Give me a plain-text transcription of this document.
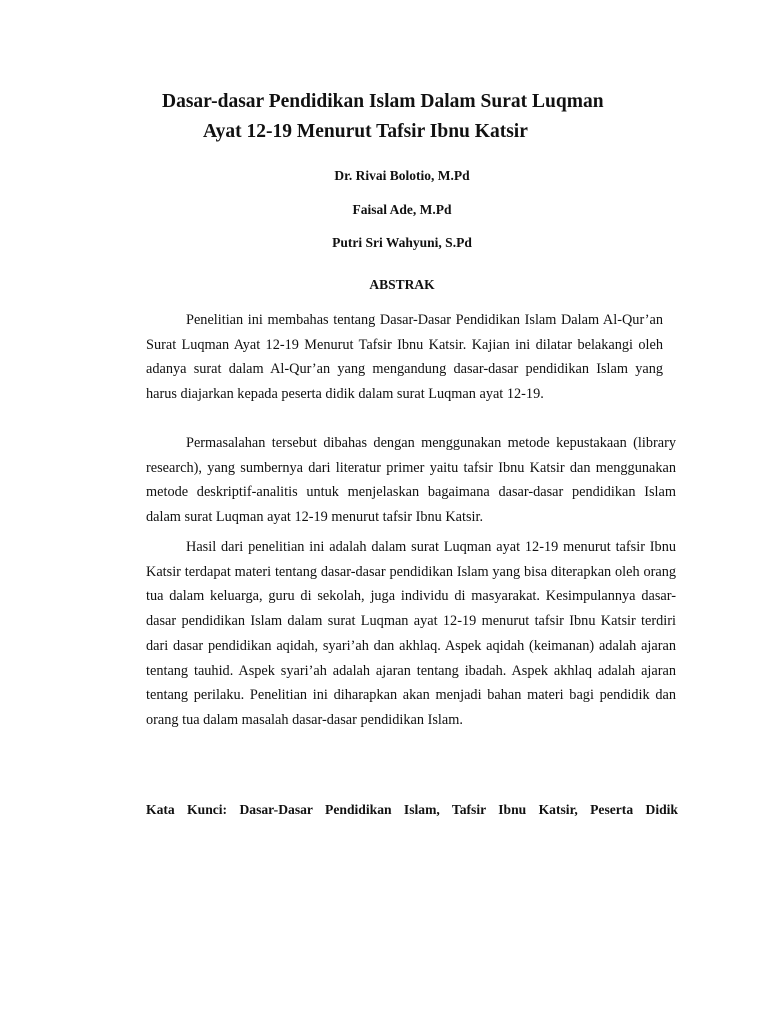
Dasar-dasar Pendidikan Islam Dalam Surat Luqman
Ayat 12-19 Menurut Tafsir Ibnu Katsir
Dr. Rivai Bolotio, M.Pd
Faisal Ade, M.Pd
Putri Sri Wahyuni, S.Pd
ABSTRAK

Penelitian ini membahas tentang Dasar-Dasar Pendidikan Islam Dalam Al-Qur’an Surat Luqman Ayat 12-19 Menurut Tafsir Ibnu Katsir. Kajian ini dilatar belakangi oleh adanya surat dalam Al-Qur’an yang mengandung dasar-dasar pendidikan Islam yang harus diajarkan kepada peserta didik dalam surat Luqman ayat 12-19.

Permasalahan tersebut dibahas dengan menggunakan metode kepustakaan (library research), yang sumbernya dari literatur primer yaitu tafsir Ibnu Katsir dan menggunakan metode deskriptif-analitis untuk menjelaskan bagaimana dasar-dasar pendidikan Islam dalam surat Luqman ayat 12-19 menurut tafsir Ibnu Katsir.

Hasil dari penelitian ini adalah dalam surat Luqman ayat 12-19 menurut tafsir Ibnu Katsir terdapat materi tentang dasar-dasar pendidikan Islam yang bisa diterapkan oleh orang tua dalam keluarga, guru di sekolah, juga individu di masyarakat. Kesimpulannya dasar-dasar pendidikan Islam dalam surat Luqman ayat 12-19 menurut tafsir Ibnu Katsir terdiri dari dasar pendidikan aqidah, syari’ah dan akhlaq. Aspek aqidah (keimanan) adalah ajaran tentang tauhid. Aspek syari’ah adalah ajaran tentang ibadah. Aspek akhlaq adalah ajaran tentang perilaku. Penelitian ini diharapkan akan menjadi bahan materi bagi pendidik dan orang tua dalam masalah dasar-dasar pendidikan Islam.

Kata Kunci: Dasar-Dasar Pendidikan Islam, Tafsir Ibnu Katsir, Peserta Didik
